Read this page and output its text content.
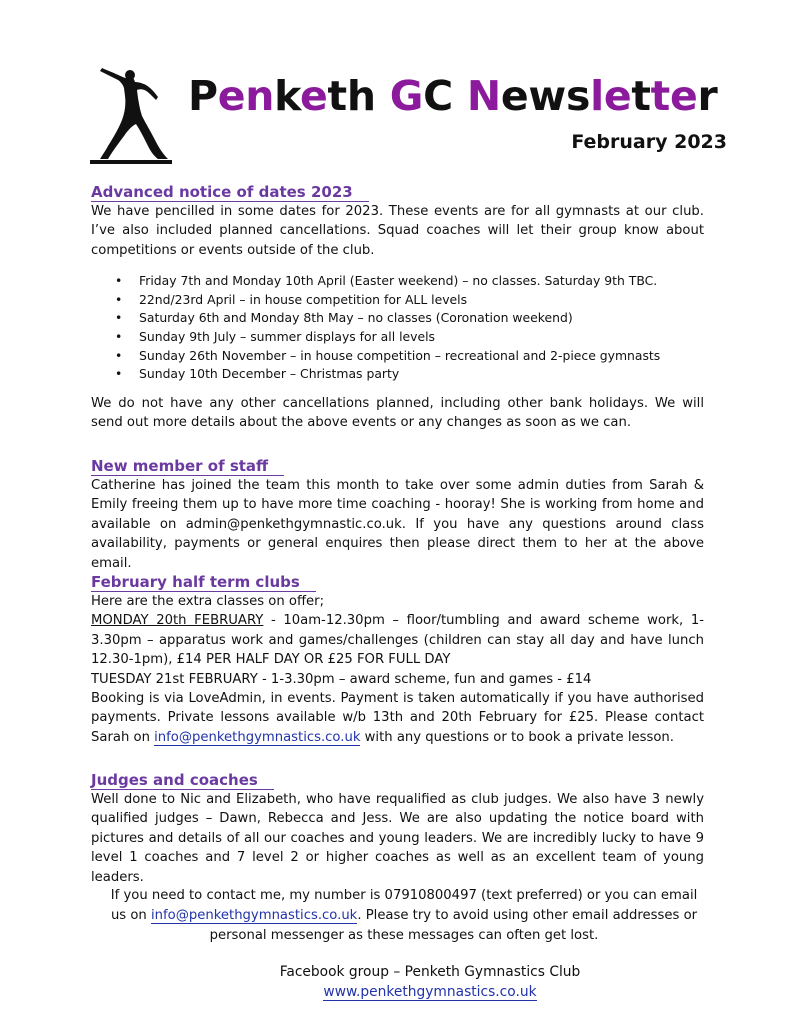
Penketh GC Newsletter

February 2023

Advanced notice of dates 2023

We have pencilled in some dates for 2023. These events are for all gymnasts at our club. I’ve also included planned cancellations. Squad coaches will let their group know about competitions or events outside of the club.

• Friday 7th and Monday 10th April (Easter weekend) – no classes. Saturday 9th TBC.
• 22nd/23rd April – in house competition for ALL levels
• Saturday 6th and Monday 8th May – no classes (Coronation weekend)
• Sunday 9th July – summer displays for all levels
• Sunday 26th November – in house competition – recreational and 2-piece gymnasts
• Sunday 10th December – Christmas party

We do not have any other cancellations planned, including other bank holidays. We will send out more details about the above events or any changes as soon as we can.

New member of staff

Catherine has joined the team this month to take over some admin duties from Sarah & Emily freeing them up to have more time coaching - hooray! She is working from home and available on admin@penkethgymnastic.co.uk. If you have any questions around class availability, payments or general enquires then please direct them to her at the above email.

February half term clubs

Here are the extra classes on offer;

MONDAY 20th FEBRUARY - 10am-12.30pm – floor/tumbling and award scheme work, 1-3.30pm – apparatus work and games/challenges (children can stay all day and have lunch 12.30-1pm), £14 PER HALF DAY OR £25 FOR FULL DAY

TUESDAY 21st FEBRUARY - 1-3.30pm – award scheme, fun and games - £14

Booking is via LoveAdmin, in events. Payment is taken automatically if you have authorised payments. Private lessons available w/b 13th and 20th February for £25. Please contact Sarah on info@penkethgymnastics.co.uk with any questions or to book a private lesson.

Judges and coaches

Well done to Nic and Elizabeth, who have requalified as club judges. We also have 3 newly qualified judges – Dawn, Rebecca and Jess. We are also updating the notice board with pictures and details of all our coaches and young leaders. We are incredibly lucky to have 9 level 1 coaches and 7 level 2 or higher coaches as well as an excellent team of young leaders.

If you need to contact me, my number is 07910800497 (text preferred) or you can email us on info@penkethgymnastics.co.uk. Please try to avoid using other email addresses or personal messenger as these messages can often get lost.

Facebook group – Penketh Gymnastics Club

www.penkethgymnastics.co.uk
